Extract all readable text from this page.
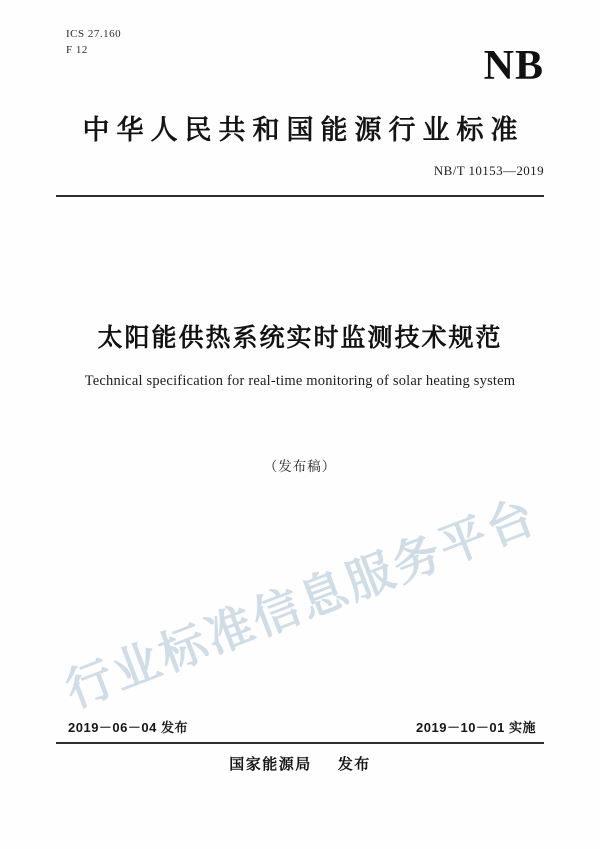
ICS 27.160
F 12	NB
中华人民共和国能源行业标准
NB/T 10153—2019
太阳能供热系统实时监测技术规范
Technical specification for real-time monitoring of solar heating system
（发布稿）
行业标准信息服务平台
2019－06－04 发布	2019－10－01 实施
国家能源局 发布
